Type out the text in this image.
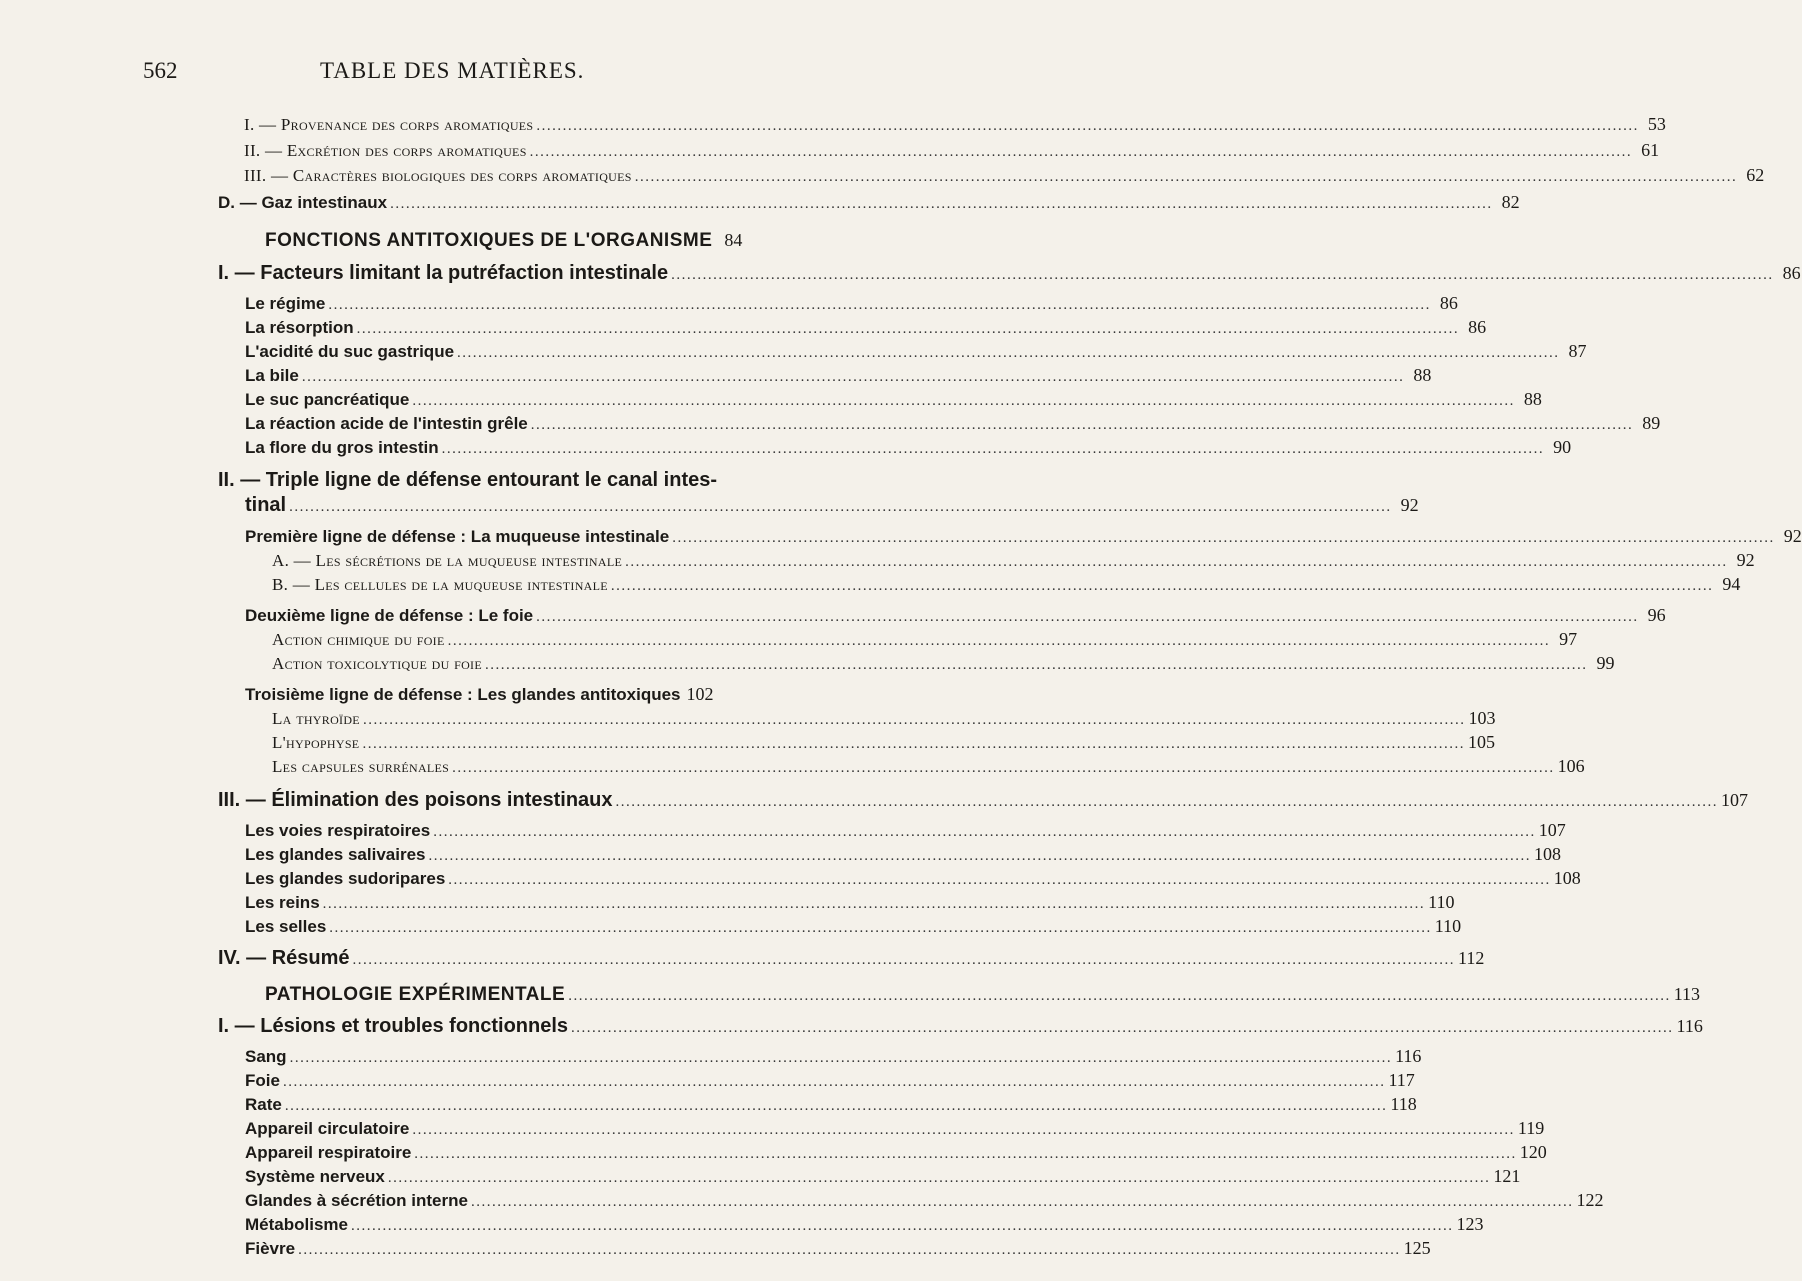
562	TABLE DES MATIÈRES.
I. — Provenance des corps aromatiques .....	53
II. — Excrétion des corps aromatiques .....	61
III. — Caractères biologiques des corps aromatiques .....	62
D. — Gaz intestinaux .....	82
FONCTIONS ANTITOXIQUES DE L'ORGANISME 84
I. — Facteurs limitant la putréfaction intestinale .....	86
Le régime .....	86
La résorption .....	86
L'acidité du suc gastrique .....	87
La bile .....	88
Le suc pancréatique .....	88
La réaction acide de l'intestin grêle .....	89
La flore du gros intestin .....	90
II. — Triple ligne de défense entourant le canal intes-
tinal .....	92
Première ligne de défense : La muqueuse intestinale .....	92
A. — Les sécrétions de la muqueuse intestinale .....	92
B. — Les cellules de la muqueuse intestinale .....	94
Deuxième ligne de défense : Le foie .....	96
Action chimique du foie .....	97
Action toxicolytique du foie .....	99
Troisième ligne de défense : Les glandes antitoxiques 102
La thyroïde .....	103
L'hypophyse .....	105
Les capsules surrénales .....	106
III. — Élimination des poisons intestinaux .....	107
Les voies respiratoires .....	107
Les glandes salivaires .....	108
Les glandes sudoripares .....	108
Les reins .....	110
Les selles .....	110
IV. — Résumé .....	112
PATHOLOGIE EXPÉRIMENTALE .....	113
I. — Lésions et troubles fonctionnels .....	116
Sang .....	116
Foie .....	117
Rate .....	118
Appareil circulatoire .....	119
Appareil respiratoire .....	120
Système nerveux .....	121
Glandes à sécrétion interne .....	122
Métabolisme .....	123
Fièvre .....	125
